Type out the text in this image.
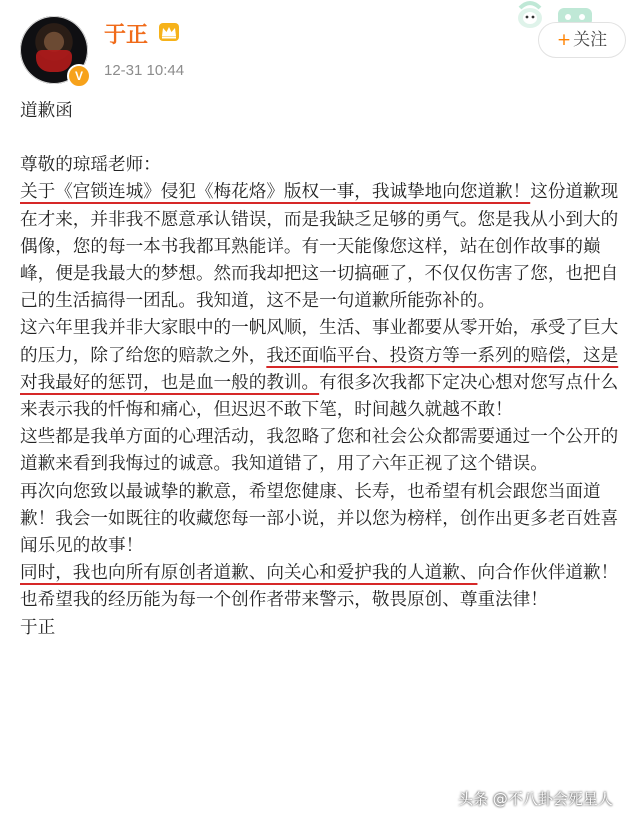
V
于正
12-31 10:44
+ 关注

道歉函

尊敬的琼瑶老师：

关于《宫锁连城》侵犯《梅花烙》版权一事，我诚挚地向您道歉！这份道歉现在才来，并非我不愿意承认错误，而是我缺乏足够的勇气。您是我从小到大的偶像，您的每一本书我都耳熟能详。有一天能像您这样，站在创作故事的巅峰，便是我最大的梦想。然而我却把这一切搞砸了，不仅仅伤害了您，也把自己的生活搞得一团乱。我知道，这不是一句道歉所能弥补的。

这六年里我并非大家眼中的一帆风顺，生活、事业都要从零开始，承受了巨大的压力，除了给您的赔款之外，我还面临平台、投资方等一系列的赔偿，这是对我最好的惩罚，也是血一般的教训。有很多次我都下定决心想对您写点什么来表示我的忏悔和痛心，但迟迟不敢下笔，时间越久就越不敢！

这些都是我单方面的心理活动，我忽略了您和社会公众都需要通过一个公开的道歉来看到我悔过的诚意。我知道错了，用了六年正视了这个错误。

再次向您致以最诚挚的歉意，希望您健康、长寿，也希望有机会跟您当面道歉！我会一如既往的收藏您每一部小说，并以您为榜样，创作出更多老百姓喜闻乐见的故事！

同时，我也向所有原创者道歉、向关心和爱护我的人道歉、向合作伙伴道歉！也希望我的经历能为每一个创作者带来警示，敬畏原创、尊重法律！

于正

头条 @不八卦会死星人
